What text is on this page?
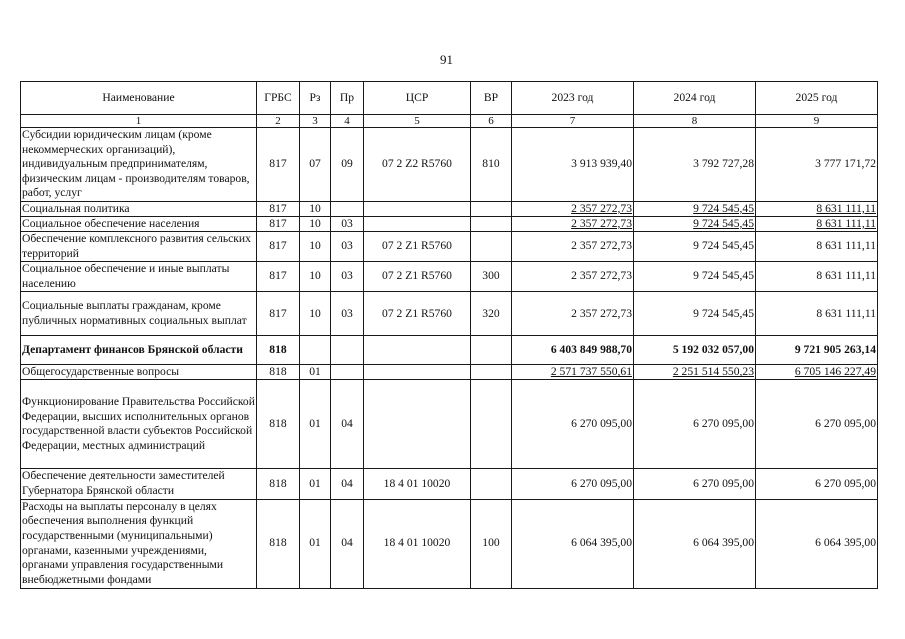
91
Наименование	ГРБС	Рз	Пр	ЦСР	ВР	2023 год	2024 год	2025 год
1	2	3	4	5	6	7	8	9
Субсидии юридическим лицам (кроме некоммерческих организаций), индивидуальным предпринимателям, физическим лицам - производителям товаров, работ, услуг	817	07	09	07 2 Z2 R5760	810	3 913 939,40	3 792 727,28	3 777 171,72
Социальная политика	817	10				2 357 272,73	9 724 545,45	8 631 111,11
Социальное обеспечение населения	817	10	03			2 357 272,73	9 724 545,45	8 631 111,11
Обеспечение комплексного развития сельских территорий	817	10	03	07 2 Z1 R5760		2 357 272,73	9 724 545,45	8 631 111,11
Социальное обеспечение и иные выплаты населению	817	10	03	07 2 Z1 R5760	300	2 357 272,73	9 724 545,45	8 631 111,11
Социальные выплаты гражданам, кроме публичных нормативных социальных выплат	817	10	03	07 2 Z1 R5760	320	2 357 272,73	9 724 545,45	8 631 111,11
Департамент финансов Брянской области	818					6 403 849 988,70	5 192 032 057,00	9 721 905 263,14
Общегосударственные вопросы	818	01				2 571 737 550,61	2 251 514 550,23	6 705 146 227,49
Функционирование Правительства Российской Федерации, высших исполнительных органов государственной власти субъектов Российской Федерации, местных администраций	818	01	04			6 270 095,00	6 270 095,00	6 270 095,00
Обеспечение деятельности заместителей Губернатора Брянской области	818	01	04	18 4 01 10020		6 270 095,00	6 270 095,00	6 270 095,00
Расходы на выплаты персоналу в целях обеспечения выполнения функций государственными (муниципальными) органами, казенными учреждениями, органами управления государственными внебюджетными фондами	818	01	04	18 4 01 10020	100	6 064 395,00	6 064 395,00	6 064 395,00
